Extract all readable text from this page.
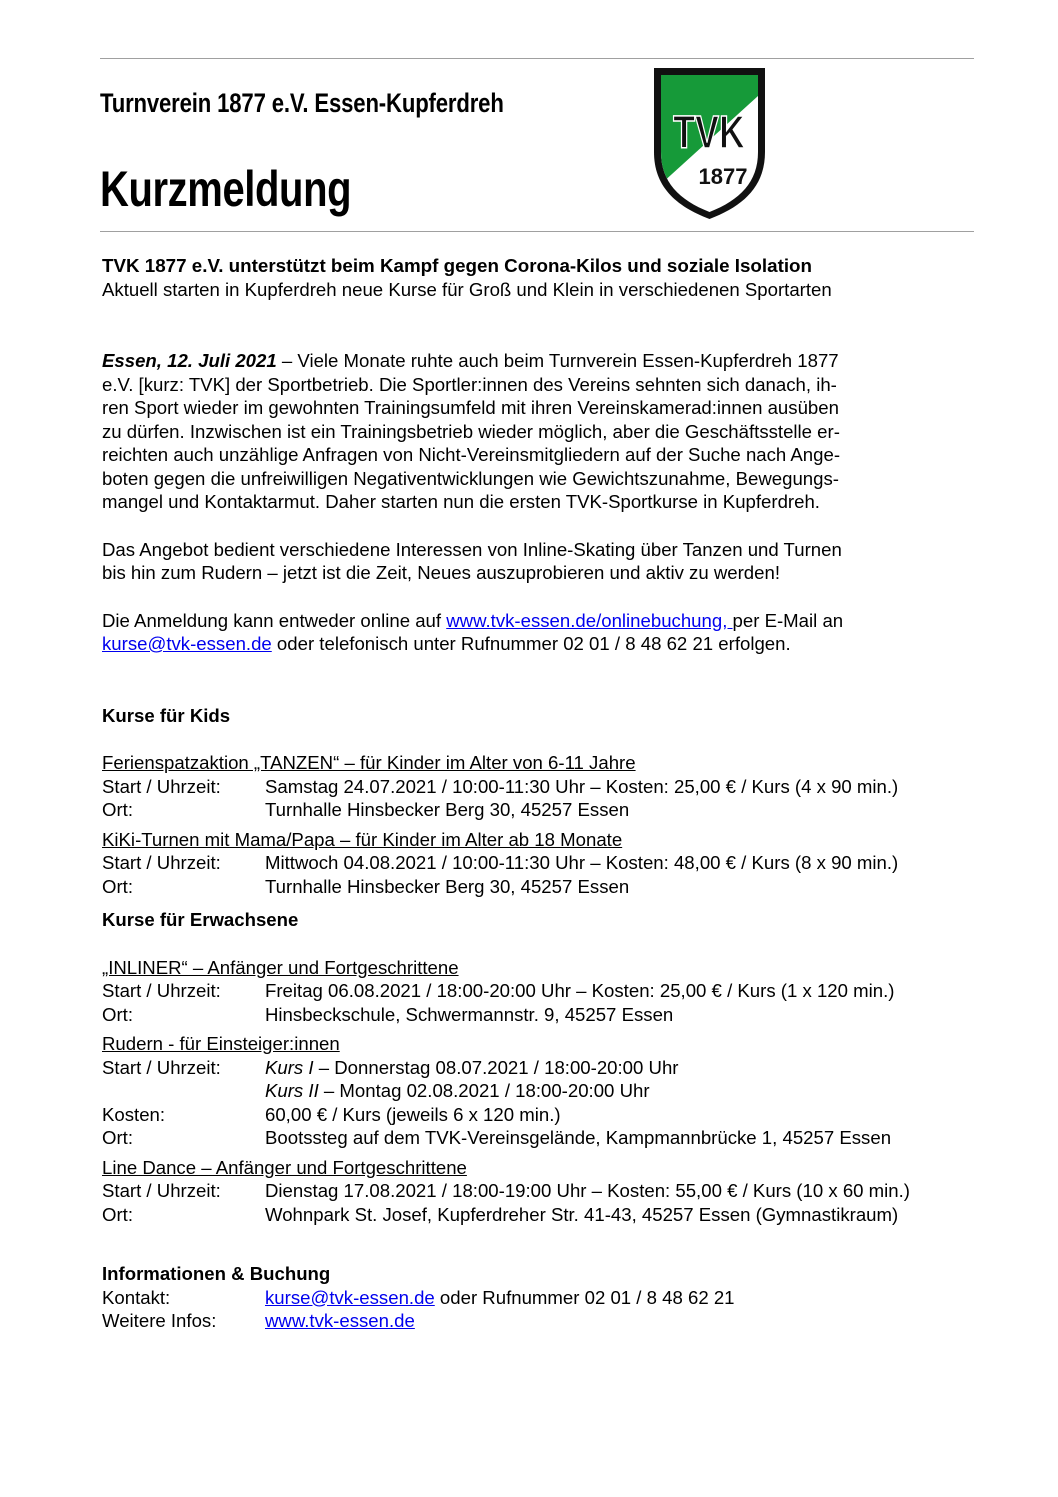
Turnverein 1877 e.V. Essen-Kupferdreh
Kurzmeldung
TVK
1877

TVK 1877 e.V. unterstützt beim Kampf gegen Corona-Kilos und soziale Isolation

Aktuell starten in Kupferdreh neue Kurse für Groß und Klein in verschiedenen Sportarten

Essen, 12. Juli 2021 – Viele Monate ruhte auch beim Turnverein Essen-Kupferdreh 1877
e.V. [kurz: TVK] der Sportbetrieb. Die Sportler:innen des Vereins sehnten sich danach, ih-
ren Sport wieder im gewohnten Trainingsumfeld mit ihren Vereinskamerad:innen ausüben
zu dürfen. Inzwischen ist ein Trainingsbetrieb wieder möglich, aber die Geschäftsstelle er-
reichten auch unzählige Anfragen von Nicht-Vereinsmitgliedern auf der Suche nach Ange-
boten gegen die unfreiwilligen Negativentwicklungen wie Gewichtszunahme, Bewegungs-
mangel und Kontaktarmut. Daher starten nun die ersten TVK-Sportkurse in Kupferdreh.
Das Angebot bedient verschiedene Interessen von Inline-Skating über Tanzen und Turnen
bis hin zum Rudern – jetzt ist die Zeit, Neues auszuprobieren und aktiv zu werden!
Die Anmeldung kann entweder online auf www.tvk-essen.de/onlinebuchung, per E-Mail an
kurse@tvk-essen.de oder telefonisch unter Rufnummer 02 01 / 8 48 62 21 erfolgen.

Kurse für Kids

Ferienspatzaktion „TANZEN“ – für Kinder im Alter von 6-11 Jahre
Start / Uhrzeit:	Samstag 24.07.2021 / 10:00-11:30 Uhr – Kosten: 25,00 € / Kurs (4 x 90 min.)
Ort:	Turnhalle Hinsbecker Berg 30, 45257 Essen
KiKi-Turnen mit Mama/Papa – für Kinder im Alter ab 18 Monate
Start / Uhrzeit:	Mittwoch 04.08.2021 / 10:00-11:30 Uhr – Kosten: 48,00 € / Kurs (8 x 90 min.)
Ort:	Turnhalle Hinsbecker Berg 30, 45257 Essen

Kurse für Erwachsene

„INLINER“ – Anfänger und Fortgeschrittene
Start / Uhrzeit:	Freitag 06.08.2021 / 18:00-20:00 Uhr – Kosten: 25,00 € / Kurs (1 x 120 min.)
Ort:	Hinsbeckschule, Schwermannstr. 9, 45257 Essen
Rudern - für Einsteiger:innen
Start / Uhrzeit:	Kurs I – Donnerstag 08.07.2021 / 18:00-20:00 Uhr
Kurs II – Montag 02.08.2021 / 18:00-20:00 Uhr
Kosten:	60,00 € / Kurs (jeweils 6 x 120 min.)
Ort:	Bootssteg auf dem TVK-Vereinsgelände, Kampmannbrücke 1, 45257 Essen
Line Dance – Anfänger und Fortgeschrittene
Start / Uhrzeit:	Dienstag 17.08.2021 / 18:00-19:00 Uhr – Kosten: 55,00 € / Kurs (10 x 60 min.)
Ort:	Wohnpark St. Josef, Kupferdreher Str. 41-43, 45257 Essen (Gymnastikraum)

Informationen & Buchung

Kontakt:	kurse@tvk-essen.de oder Rufnummer 02 01 / 8 48 62 21
Weitere Infos:	www.tvk-essen.de
